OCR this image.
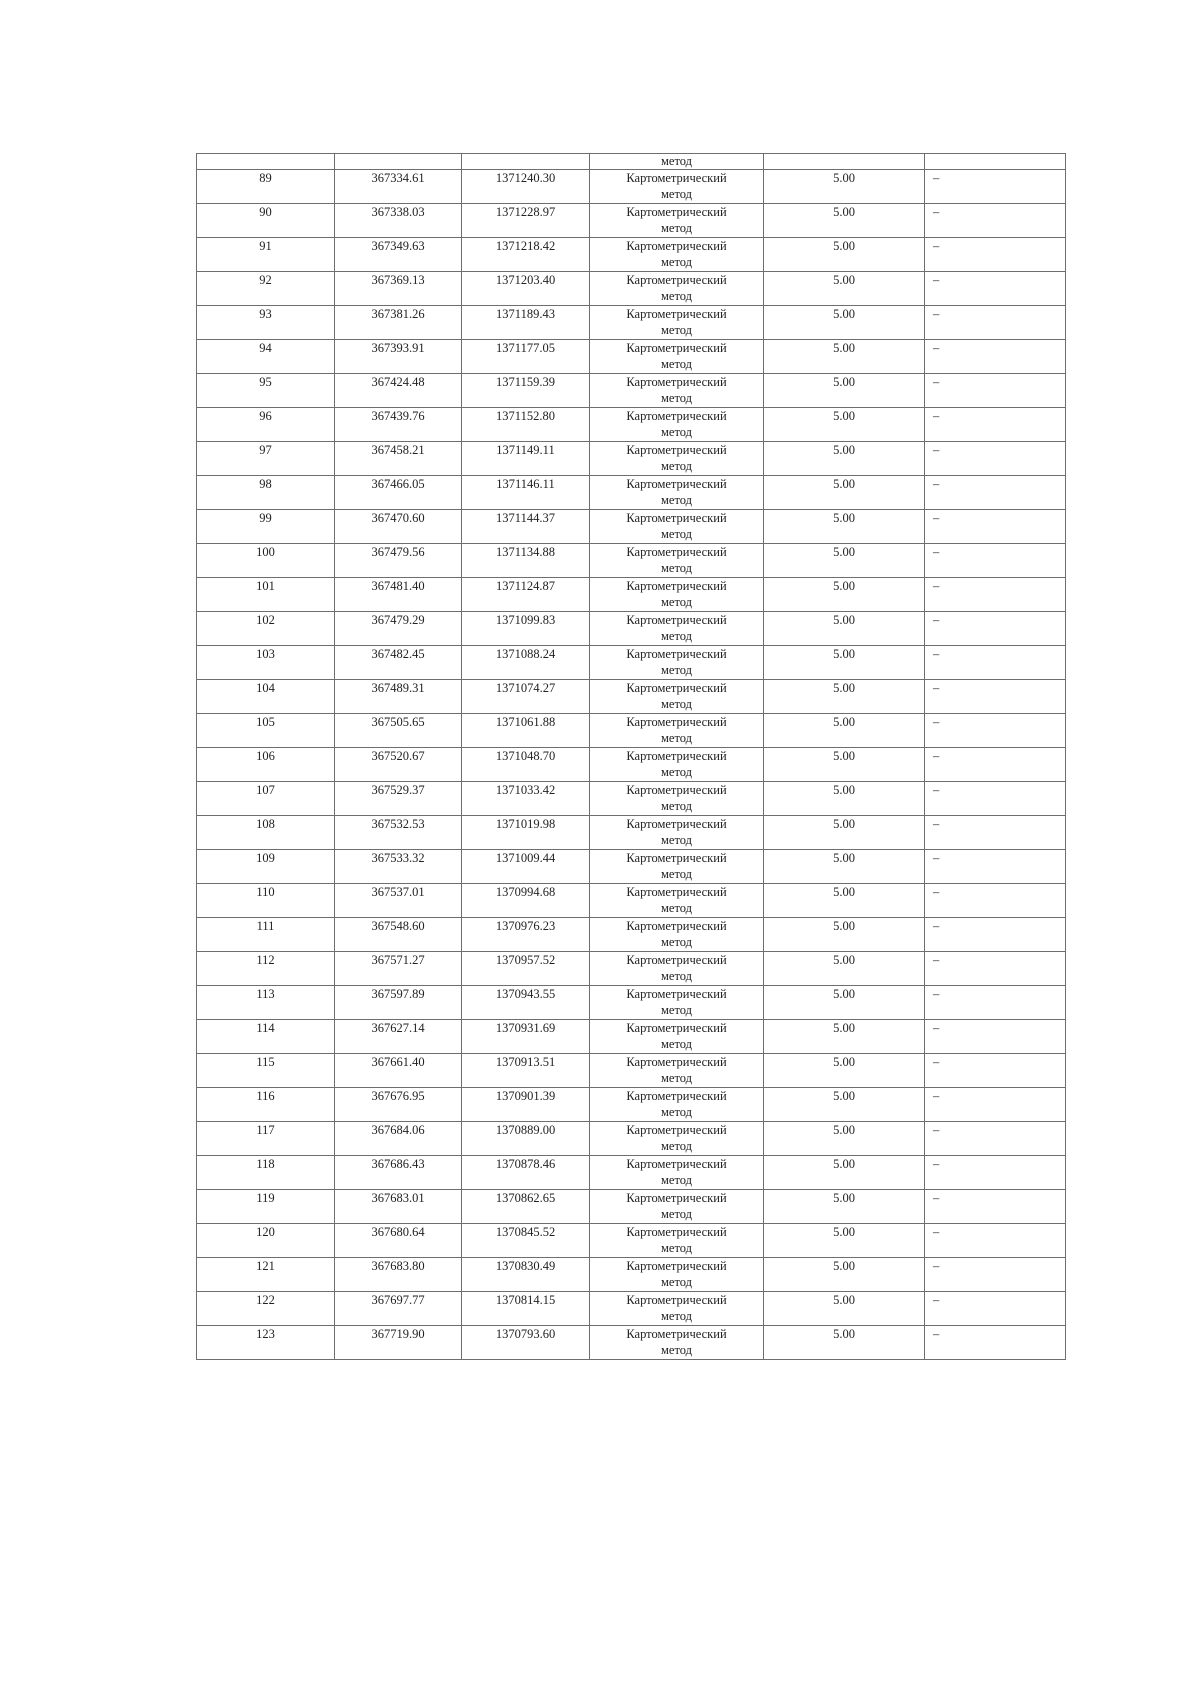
			метод		
89	367334.61	1371240.30	Картометрический
метод	5.00	–
90	367338.03	1371228.97	Картометрический
метод	5.00	–
91	367349.63	1371218.42	Картометрический
метод	5.00	–
92	367369.13	1371203.40	Картометрический
метод	5.00	–
93	367381.26	1371189.43	Картометрический
метод	5.00	–
94	367393.91	1371177.05	Картометрический
метод	5.00	–
95	367424.48	1371159.39	Картометрический
метод	5.00	–
96	367439.76	1371152.80	Картометрический
метод	5.00	–
97	367458.21	1371149.11	Картометрический
метод	5.00	–
98	367466.05	1371146.11	Картометрический
метод	5.00	–
99	367470.60	1371144.37	Картометрический
метод	5.00	–
100	367479.56	1371134.88	Картометрический
метод	5.00	–
101	367481.40	1371124.87	Картометрический
метод	5.00	–
102	367479.29	1371099.83	Картометрический
метод	5.00	–
103	367482.45	1371088.24	Картометрический
метод	5.00	–
104	367489.31	1371074.27	Картометрический
метод	5.00	–
105	367505.65	1371061.88	Картометрический
метод	5.00	–
106	367520.67	1371048.70	Картометрический
метод	5.00	–
107	367529.37	1371033.42	Картометрический
метод	5.00	–
108	367532.53	1371019.98	Картометрический
метод	5.00	–
109	367533.32	1371009.44	Картометрический
метод	5.00	–
110	367537.01	1370994.68	Картометрический
метод	5.00	–
111	367548.60	1370976.23	Картометрический
метод	5.00	–
112	367571.27	1370957.52	Картометрический
метод	5.00	–
113	367597.89	1370943.55	Картометрический
метод	5.00	–
114	367627.14	1370931.69	Картометрический
метод	5.00	–
115	367661.40	1370913.51	Картометрический
метод	5.00	–
116	367676.95	1370901.39	Картометрический
метод	5.00	–
117	367684.06	1370889.00	Картометрический
метод	5.00	–
118	367686.43	1370878.46	Картометрический
метод	5.00	–
119	367683.01	1370862.65	Картометрический
метод	5.00	–
120	367680.64	1370845.52	Картометрический
метод	5.00	–
121	367683.80	1370830.49	Картометрический
метод	5.00	–
122	367697.77	1370814.15	Картометрический
метод	5.00	–
123	367719.90	1370793.60	Картометрический
метод	5.00	–
